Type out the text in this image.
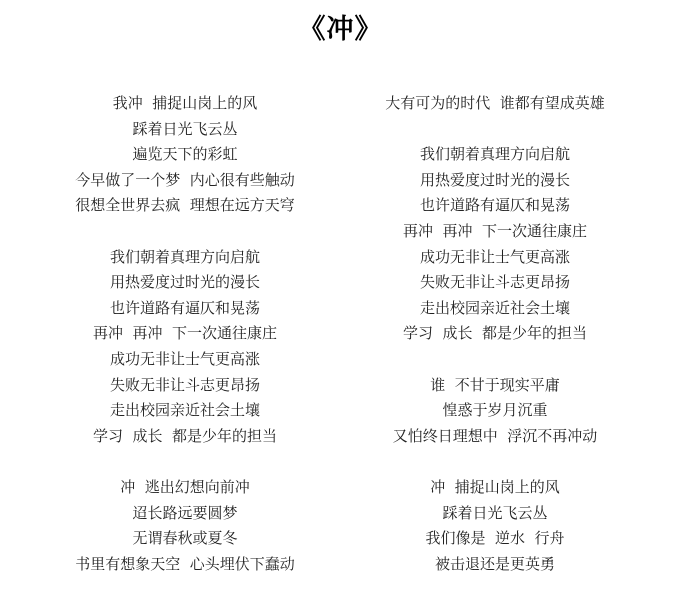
《冲》
我冲  捕捉山岗上的风
踩着日光飞云丛
遍览天下的彩虹
今早做了一个梦  内心很有些触动
很想全世界去疯  理想在远方天穹
我们朝着真理方向启航
用热爱度过时光的漫长
也许道路有逼仄和晃荡
再冲  再冲  下一次通往康庄
成功无非让士气更高涨
失败无非让斗志更昂扬
走出校园亲近社会土壤
学习  成长  都是少年的担当
冲  逃出幻想向前冲
迢长路远要圆梦
无谓春秋或夏冬
书里有想象天空  心头埋伏下蠢动
大有可为的时代  谁都有望成英雄
我们朝着真理方向启航
用热爱度过时光的漫长
也许道路有逼仄和晃荡
再冲  再冲  下一次通往康庄
成功无非让士气更高涨
失败无非让斗志更昂扬
走出校园亲近社会土壤
学习  成长  都是少年的担当
谁  不甘于现实平庸
惶惑于岁月沉重
又怕终日理想中  浮沉不再冲动
冲  捕捉山岗上的风
踩着日光飞云丛
我们像是  逆水  行舟
被击退还是更英勇
